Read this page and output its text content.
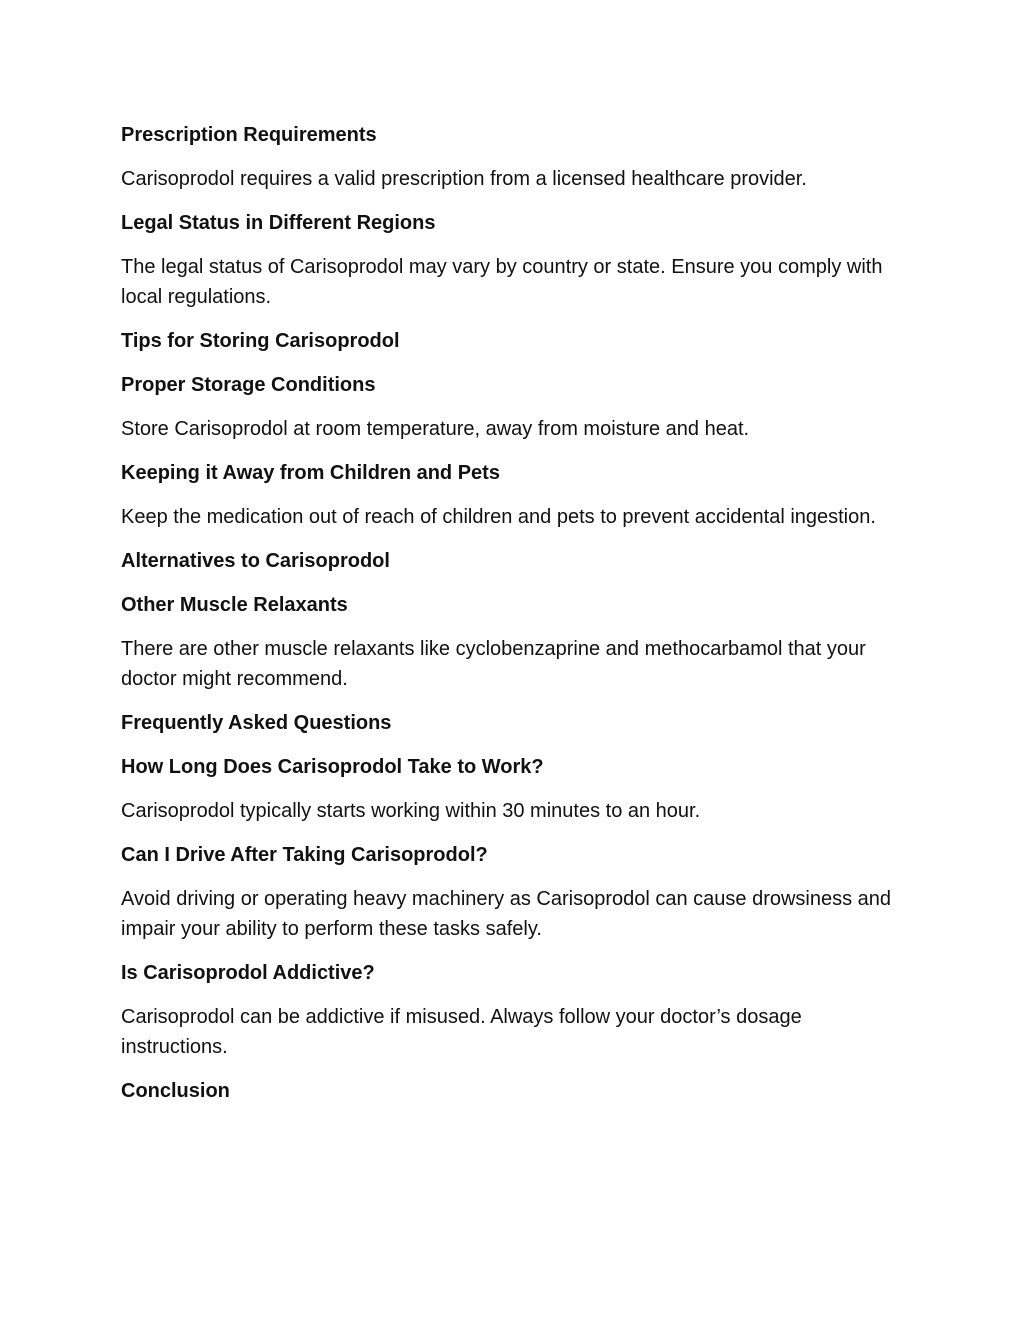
Prescription Requirements
Carisoprodol requires a valid prescription from a licensed healthcare provider.
Legal Status in Different Regions
The legal status of Carisoprodol may vary by country or state. Ensure you comply with local regulations.
Tips for Storing Carisoprodol
Proper Storage Conditions
Store Carisoprodol at room temperature, away from moisture and heat.
Keeping it Away from Children and Pets
Keep the medication out of reach of children and pets to prevent accidental ingestion.
Alternatives to Carisoprodol
Other Muscle Relaxants
There are other muscle relaxants like cyclobenzaprine and methocarbamol that your doctor might recommend.
Frequently Asked Questions
How Long Does Carisoprodol Take to Work?
Carisoprodol typically starts working within 30 minutes to an hour.
Can I Drive After Taking Carisoprodol?
Avoid driving or operating heavy machinery as Carisoprodol can cause drowsiness and impair your ability to perform these tasks safely.
Is Carisoprodol Addictive?
Carisoprodol can be addictive if misused. Always follow your doctor’s dosage instructions.
Conclusion
